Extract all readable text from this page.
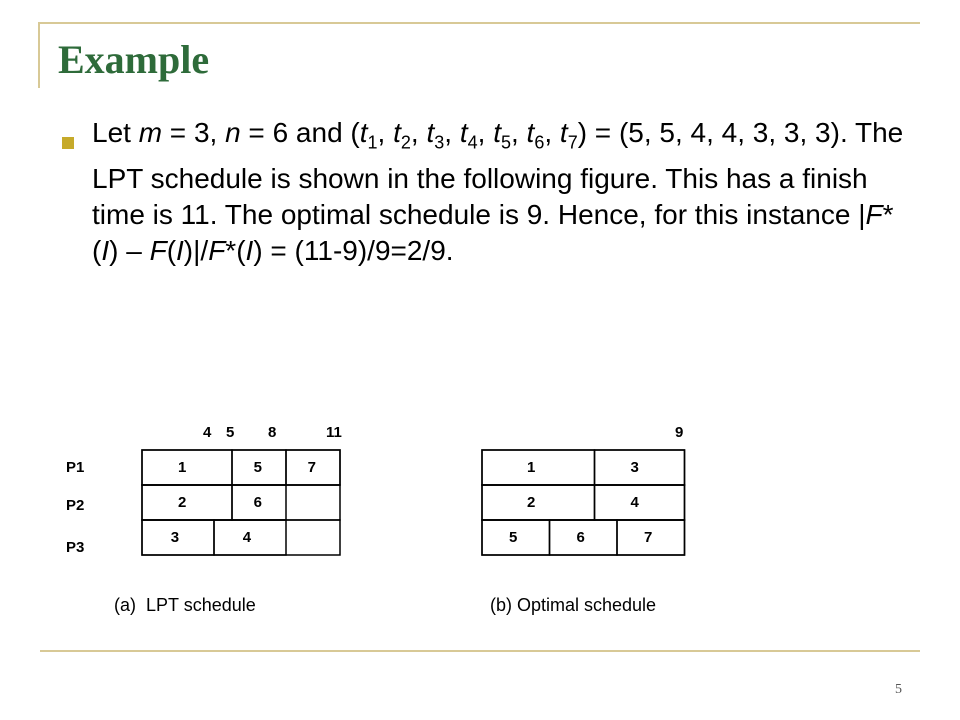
Example

Let m = 3, n = 6 and ($t_1$, $t_2$, $t_3$, $t_4$, $t_5$, $t_6$, $t_7) = (5$, 5, 4, 4, 3, 3, 3). The LPT schedule is shown in the following figure. This has a finish time is 11. The optimal schedule is 9. Hence, for this instance |F*(I) – F(I)|/F*(I) = (11-9)/9=2/9.

4 5 8	11	9
P1
P2
P3
1	5	7
2	6
3	4
1	3
2	4
5	6	7
(a)  LPT schedule	(b) Optimal schedule
5
